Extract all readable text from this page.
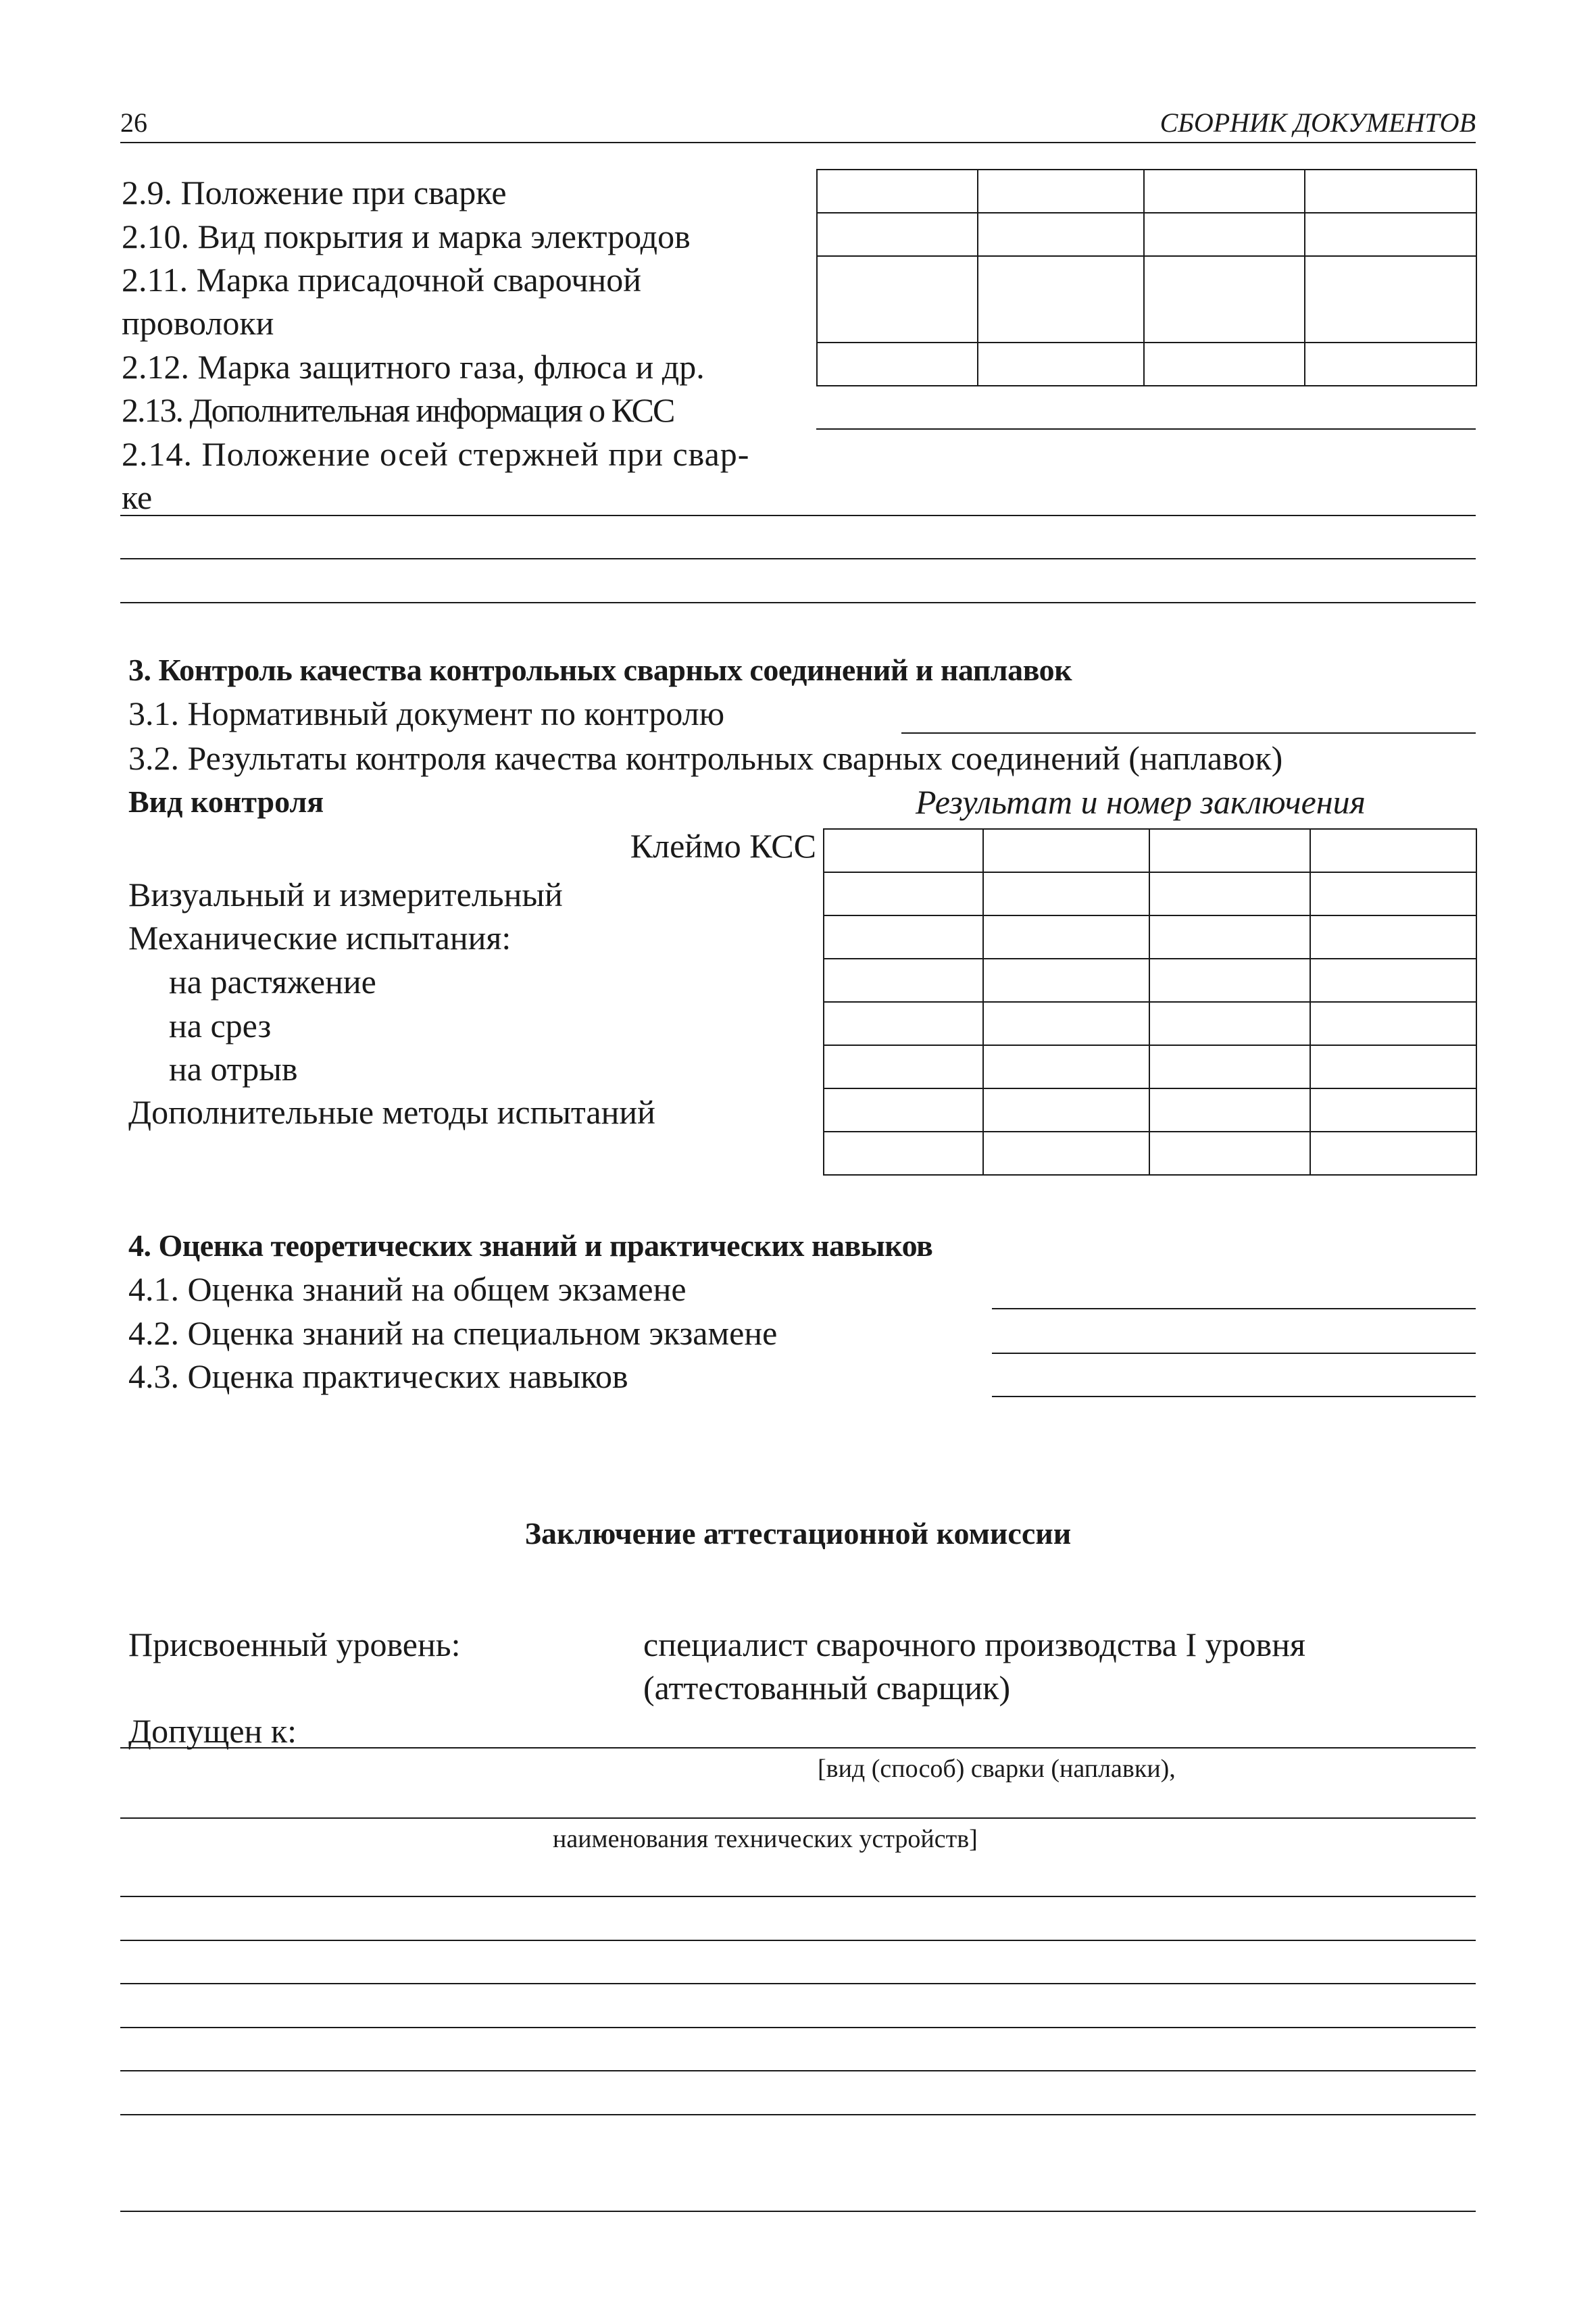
26	СБОРНИК ДОКУМЕНТОВ
2.9. Положение при сварке
2.10. Вид покрытия и марка электродов
2.11. Марка присадочной сварочной
проволоки
2.12. Марка защитного газа, флюса и др.
2.13. Дополнительная информация о КСС
2.14. Положение осей стержней при свар-
ке

3. Контроль качества контрольных сварных соединений и наплавок
3.1. Нормативный документ по контролю
3.2. Результаты контроля качества контрольных сварных соединений (наплавок)
Вид контроля	Результат и номер заключения
Клеймо КСС
Визуальный и измерительный
Механические испытания:
на растяжение
на срез
на отрыв
Дополнительные методы испытаний

4. Оценка теоретических знаний и практических навыков
4.1. Оценка знаний на общем экзамене
4.2. Оценка знаний на специальном экзамене
4.3. Оценка практических навыков
Заключение аттестационной комиссии
Присвоенный уровень:	специалист сварочного производства I уровня
(аттестованный сварщик)
Допущен к:
[вид (способ) сварки (наплавки),
наименования технических устройств]
